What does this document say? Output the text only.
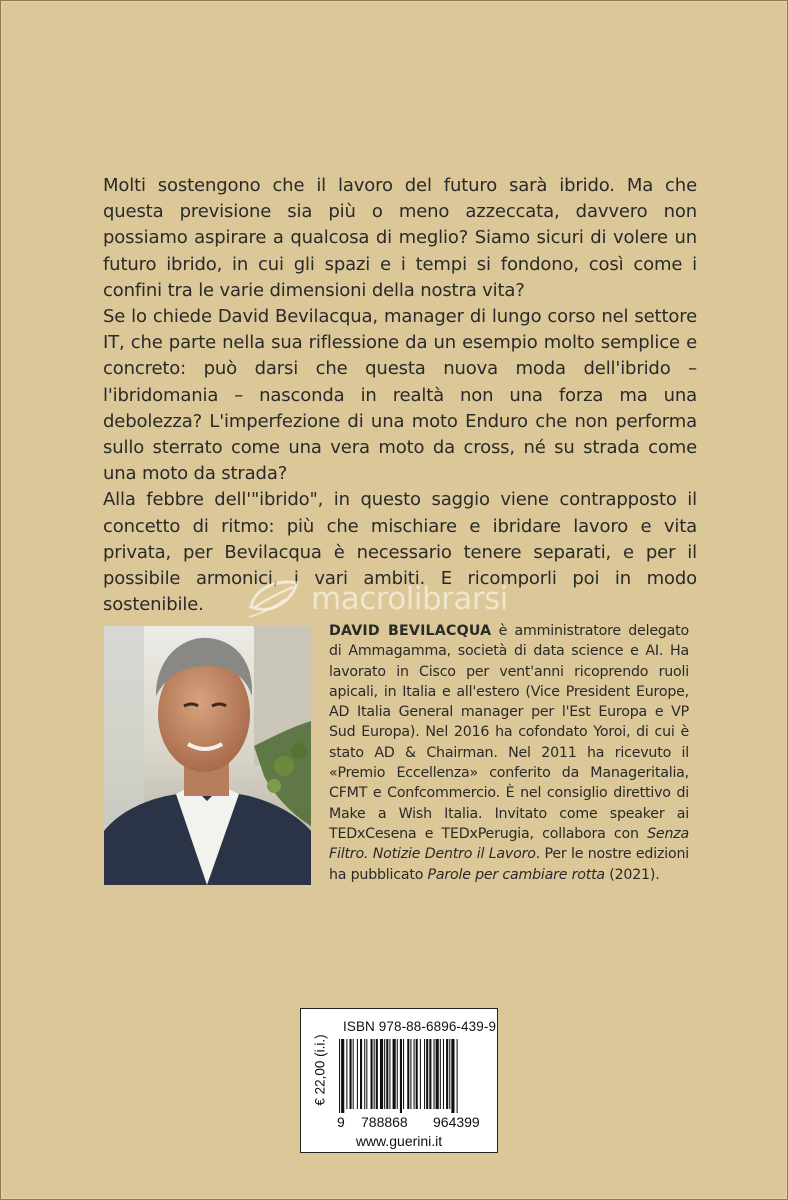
Molti sostengono che il lavoro del futuro sarà ibrido. Ma che questa previsione sia più o meno azzeccata, davvero non possiamo aspirare a qualcosa di meglio? Siamo sicuri di volere un futuro ibrido, in cui gli spazi e i tempi si fondono, così come i confini tra le varie dimensioni della nostra vita?

Se lo chiede David Bevilacqua, manager di lungo corso nel settore IT, che parte nella sua riflessione da un esempio molto semplice e concreto: può darsi che questa nuova moda dell'ibrido – l'ibridomania – nasconda in realtà non una forza ma una debolezza? L'imperfezione di una moto Enduro che non performa sullo sterrato come una vera moto da cross, né su strada come una moto da strada?

Alla febbre dell'"ibrido", in questo saggio viene contrapposto il concetto di ritmo: più che mischiare e ibridare lavoro e vita privata, per Bevilacqua è necessario tenere separati, e per il possibile armonici, i vari ambiti. E ricomporli poi in modo sostenibile.	macrolibrarsi
DAVID BEVILACQUA è amministratore delegato di Ammagamma, società di data science e AI. Ha lavorato in Cisco per vent'anni ricoprendo ruoli apicali, in Italia e all'estero (Vice President Europe, AD Italia General manager per l'Est Europa e VP Sud Europa). Nel 2016 ha cofondato Yoroi, di cui è stato AD & Chairman. Nel 2011 ha ricevuto il «Premio Eccellenza» conferito da Manageritalia, CFMT e Confcommercio. È nel consiglio direttivo di Make a Wish Italia. Invitato come speaker ai TEDxCesena e TEDxPerugia, collabora con Senza Filtro. Notizie Dentro il Lavoro. Per le nostre edizioni ha pubblicato Parole per cambiare rotta (2021).
ISBN 978-88-6896-439-9
€ 22,00 (i.i.)
9 788868 964399
www.guerini.it
